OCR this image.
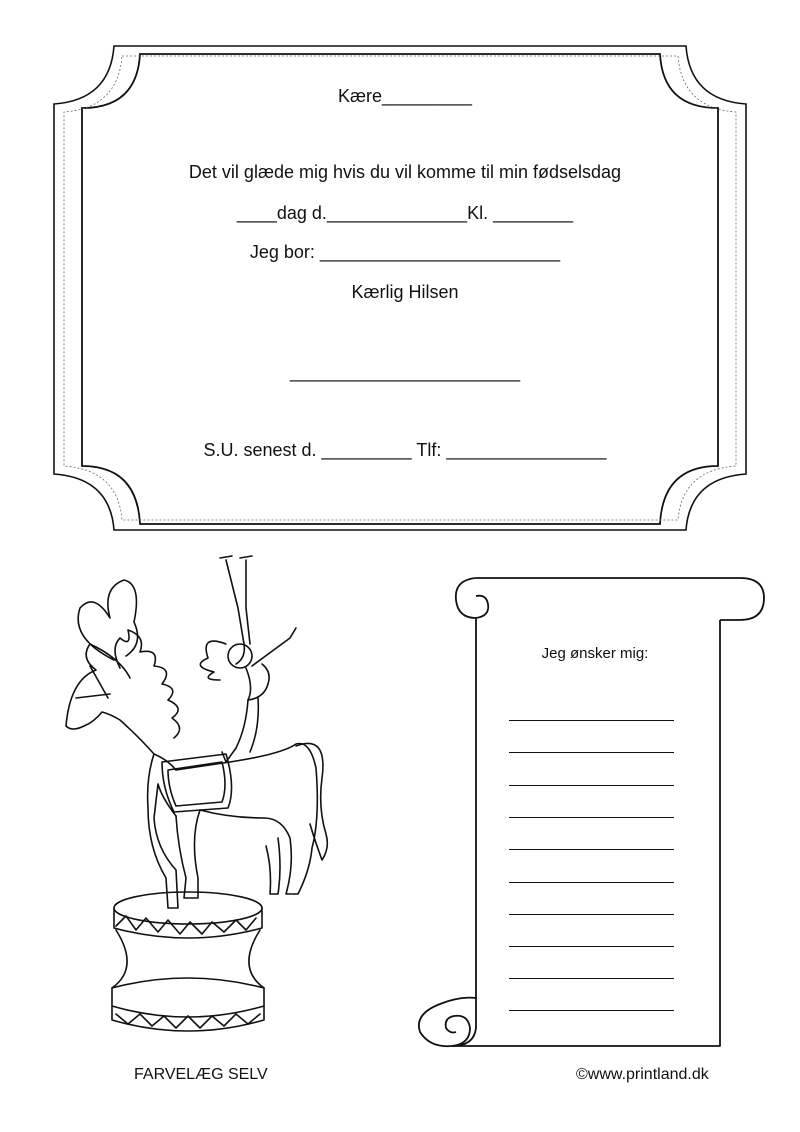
Kære_________
Det vil glæde mig hvis du vil komme til min fødselsdag
____dag d.______________Kl. ________
Jeg bor: ________________________
Kærlig Hilsen
_______________________
S.U. senest d. _________ Tlf: ________________
Jeg ønsker mig:
FARVELÆG SELV	©www.printland.dk
